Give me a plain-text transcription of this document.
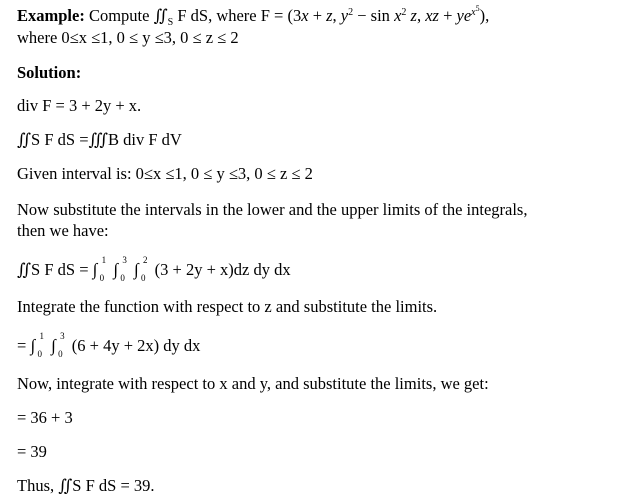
Example: Compute $∬_S$ F dS, where F = (3x + z, $y^2 - \sin x^2$ z, xz + $ye^{x^5}$),
where 0≤x ≤1, 0 ≤ y ≤3, 0 ≤ z ≤ 2
Solution:
div F = 3 + 2y + x.
∬S F dS =∭B div F dV
Given interval is: 0≤x ≤1, 0 ≤ y ≤3, 0 ≤ z ≤ 2
Now substitute the intervals in the lower and the upper limits of the integrals,
then we have:
∬S F dS = ∫ 1
0 ∫ 3
0 ∫ 2
0 (3 + 2y + x)dz dy dx
Integrate the function with respect to z and substitute the limits.
= ∫ 1
0 ∫ 3
0 (6 + 4y + 2x) dy dx
Now, integrate with respect to x and y, and substitute the limits, we get:
= 36 + 3
= 39
Thus, ∬S F dS = 39.
